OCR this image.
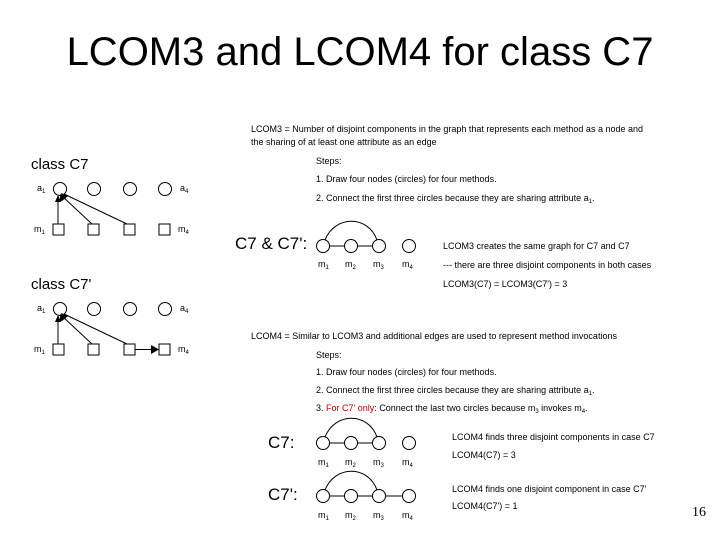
LCOM3 and LCOM4 for class C7
LCOM3 = Number of disjoint components in the graph that represents each method as a node and
the sharing of at least one attribute as an edge
Steps:
1. Draw four nodes (circles) for four methods.
2. Connect the first three circles because they are sharing attribute $a_1$.
class C7
$a_1$	$a_4$
$m_1$	$m_4$
class C7'
$a_1$	$a_4$
$m_1$	$m_4$
C7 & C7':
$m_1$ $m_2$ $m_3$ $m_4$
LCOM3 creates the same graph for C7 and C7
--- there are three disjoint components in both cases
LCOM3(C7) = LCOM3(C7') = 3
LCOM4 = Similar to LCOM3 and additional edges are used to represent method invocations
Steps:
1. Draw four nodes (circles) for four methods.
2. Connect the first three circles because they are sharing attribute $a_1$.
3. For C7' only: Connect the last two circles because $m_3$ invokes $m_4$.
C7:
$m_1$ $m_2$ $m_3$ $m_4$
LCOM4 finds three disjoint components in case C7
LCOM4(C7) = 3
C7':
$m_1$ $m_2$ $m_3$ $m_4$
LCOM4 finds one disjoint component in case C7'
LCOM4(C7') = 1	16
